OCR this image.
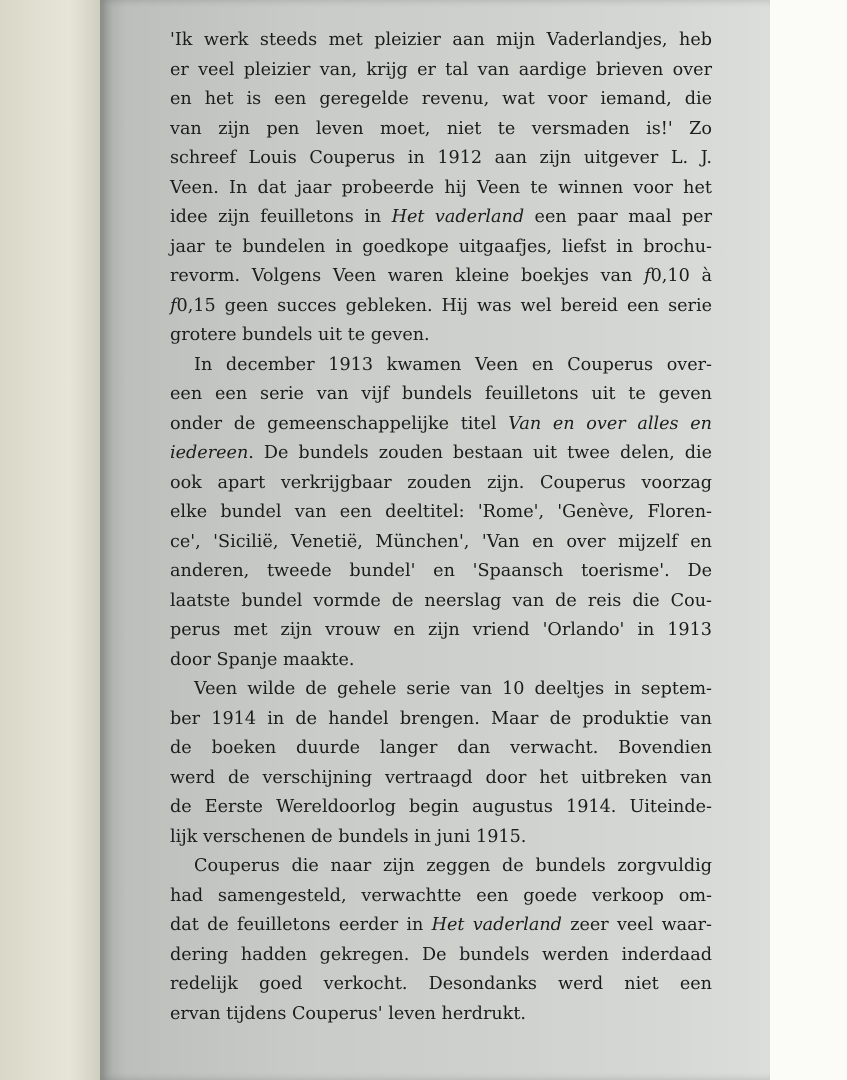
'Ik werk steeds met pleizier aan mijn Vaderlandjes, heb
er veel pleizier van, krijg er tal van aardige brieven over
en het is een geregelde revenu, wat voor iemand, die
van zijn pen leven moet, niet te versmaden is!' Zo
schreef Louis Couperus in 1912 aan zijn uitgever L. J.
Veen. In dat jaar probeerde hij Veen te winnen voor het
idee zijn feuilletons in Het vaderland een paar maal per
jaar te bundelen in goedkope uitgaafjes, liefst in brochu-
revorm. Volgens Veen waren kleine boekjes van f0,10 à
f0,15 geen succes gebleken. Hij was wel bereid een serie
grotere bundels uit te geven.
In december 1913 kwamen Veen en Couperus over-
een een serie van vijf bundels feuilletons uit te geven
onder de gemeenschappelijke titel Van en over alles en
iedereen. De bundels zouden bestaan uit twee delen, die
ook apart verkrijgbaar zouden zijn. Couperus voorzag
elke bundel van een deeltitel: 'Rome', 'Genève, Floren-
ce', 'Sicilië, Venetië, München', 'Van en over mijzelf en
anderen, tweede bundel' en 'Spaansch toerisme'. De
laatste bundel vormde de neerslag van de reis die Cou-
perus met zijn vrouw en zijn vriend 'Orlando' in 1913
door Spanje maakte.
Veen wilde de gehele serie van 10 deeltjes in septem-
ber 1914 in de handel brengen. Maar de produktie van
de boeken duurde langer dan verwacht. Bovendien
werd de verschijning vertraagd door het uitbreken van
de Eerste Wereldoorlog begin augustus 1914. Uiteinde-
lijk verschenen de bundels in juni 1915.
Couperus die naar zijn zeggen de bundels zorgvuldig
had samengesteld, verwachtte een goede verkoop om-
dat de feuilletons eerder in Het vaderland zeer veel waar-
dering hadden gekregen. De bundels werden inderdaad
redelijk goed verkocht. Desondanks werd niet een
ervan tijdens Couperus' leven herdrukt.
